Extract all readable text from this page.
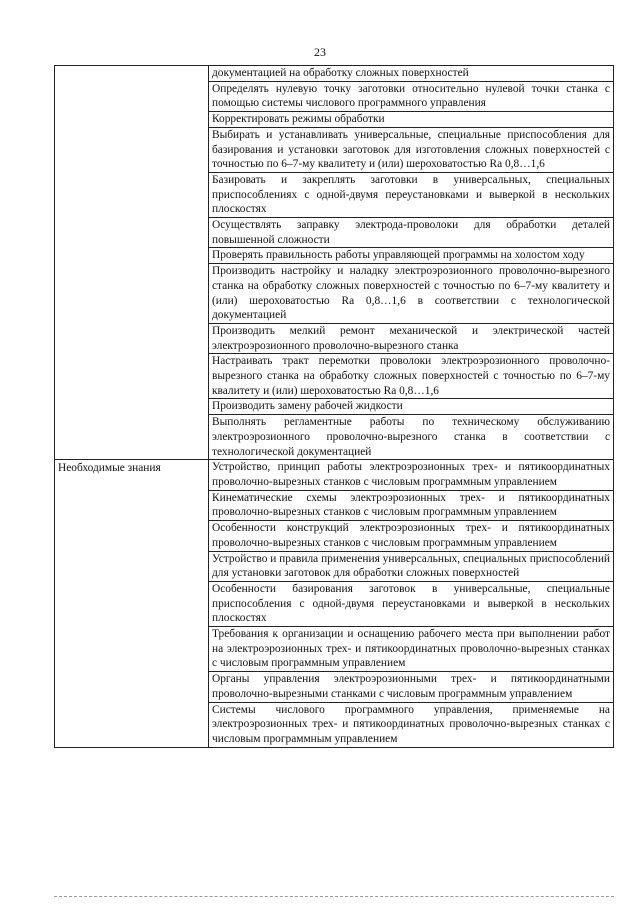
23
	документацией на обработку сложных поверхностей
	Определять нулевую точку заготовки относительно нулевой точки станка с помощью системы числового программного управления
	Корректировать режимы обработки
	Выбирать и устанавливать универсальные, специальные приспособления для базирования и установки заготовок для изготовления сложных поверхностей с точностью по 6–7-му квалитету и (или) шероховатостью Ra 0,8…1,6
	Базировать и закреплять заготовки в универсальных, специальных приспособлениях с одной-двумя переустановками и выверкой в нескольких плоскостях
	Осуществлять заправку электрода-проволоки для обработки деталей повышенной сложности
	Проверять правильность работы управляющей программы на холостом ходу
	Производить настройку и наладку электроэрозионного проволочно-вырезного станка на обработку сложных поверхностей с точностью по 6–7-му квалитету и (или) шероховатостью Ra 0,8…1,6 в соответствии с технологической документацией
	Производить мелкий ремонт механической и электрической частей электроэрозионного проволочно-вырезного станка
	Настраивать тракт перемотки проволоки электроэрозионного проволочно-вырезного станка на обработку сложных поверхностей с точностью по 6–7-му квалитету и (или) шероховатостью Ra 0,8…1,6
	Производить замену рабочей жидкости
	Выполнять регламентные работы по техническому обслуживанию электроэрозионного проволочно-вырезного станка в соответствии с технологической документацией
Необходимые знания	Устройство, принцип работы электроэрозионных трех- и пятикоординатных проволочно-вырезных станков с числовым программным управлением
	Кинематические схемы электроэрозионных трех- и пятикоординатных проволочно-вырезных станков с числовым программным управлением
	Особенности конструкций электроэрозионных трех- и пятикоординатных проволочно-вырезных станков с числовым программным управлением
	Устройство и правила применения универсальных, специальных приспособлений для установки заготовок для обработки сложных поверхностей
	Особенности базирования заготовок в универсальные, специальные приспособления с одной-двумя переустановками и выверкой в нескольких плоскостях
	Требования к организации и оснащению рабочего места при выполнении работ на электроэрозионных трех- и пятикоординатных проволочно-вырезных станках с числовым программным управлением
	Органы управления электроэрозионными трех- и пятикоординатными проволочно-вырезными станками с числовым программным управлением
	Системы числового программного управления, применяемые на электроэрозионных трех- и пятикоординатных проволочно-вырезных станках с числовым программным управлением
